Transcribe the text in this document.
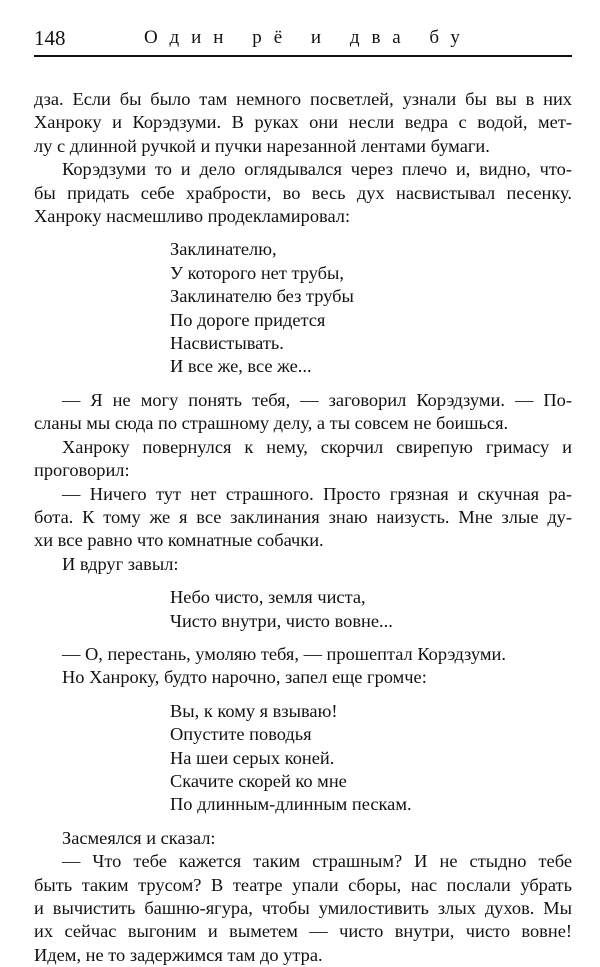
148	Один рё и два бу
дза. Если бы было там немного посветлей, узнали бы вы в них
Ханроку и Корэдзуми. В руках они несли ведра с водой, мет-
лу с длинной ручкой и пучки нарезанной лентами бумаги.
Корэдзуми то и дело оглядывался через плечо и, видно, что-
бы придать себе храбрости, во весь дух насвистывал песенку.
Ханроку насмешливо продекламировал:
Заклинателю,
У которого нет трубы,
Заклинателю без трубы
По дороге придется
Насвистывать.
И все же, все же...
— Я не могу понять тебя, — заговорил Корэдзуми. — По-
сланы мы сюда по страшному делу, а ты совсем не боишься.
Ханроку повернулся к нему, скорчил свирепую гримасу и
проговорил:
— Ничего тут нет страшного. Просто грязная и скучная ра-
бота. К тому же я все заклинания знаю наизусть. Мне злые ду-
хи все равно что комнатные собачки.
И вдруг завыл:
Небо чисто, земля чиста,
Чисто внутри, чисто вовне...
— О, перестань, умоляю тебя, — прошептал Корэдзуми.
Но Ханроку, будто нарочно, запел еще громче:
Вы, к кому я взываю!
Опустите поводья
На шеи серых коней.
Скачите скорей ко мне
По длинным-длинным пескам.
Засмеялся и сказал:
— Что тебе кажется таким страшным? И не стыдно тебе
быть таким трусом? В театре упали сборы, нас послали убрать
и вычистить башню-ягура, чтобы умилостивить злых духов. Мы
их сейчас выгоним и выметем — чисто внутри, чисто вовне!
Идем, не то задержимся там до утра.
